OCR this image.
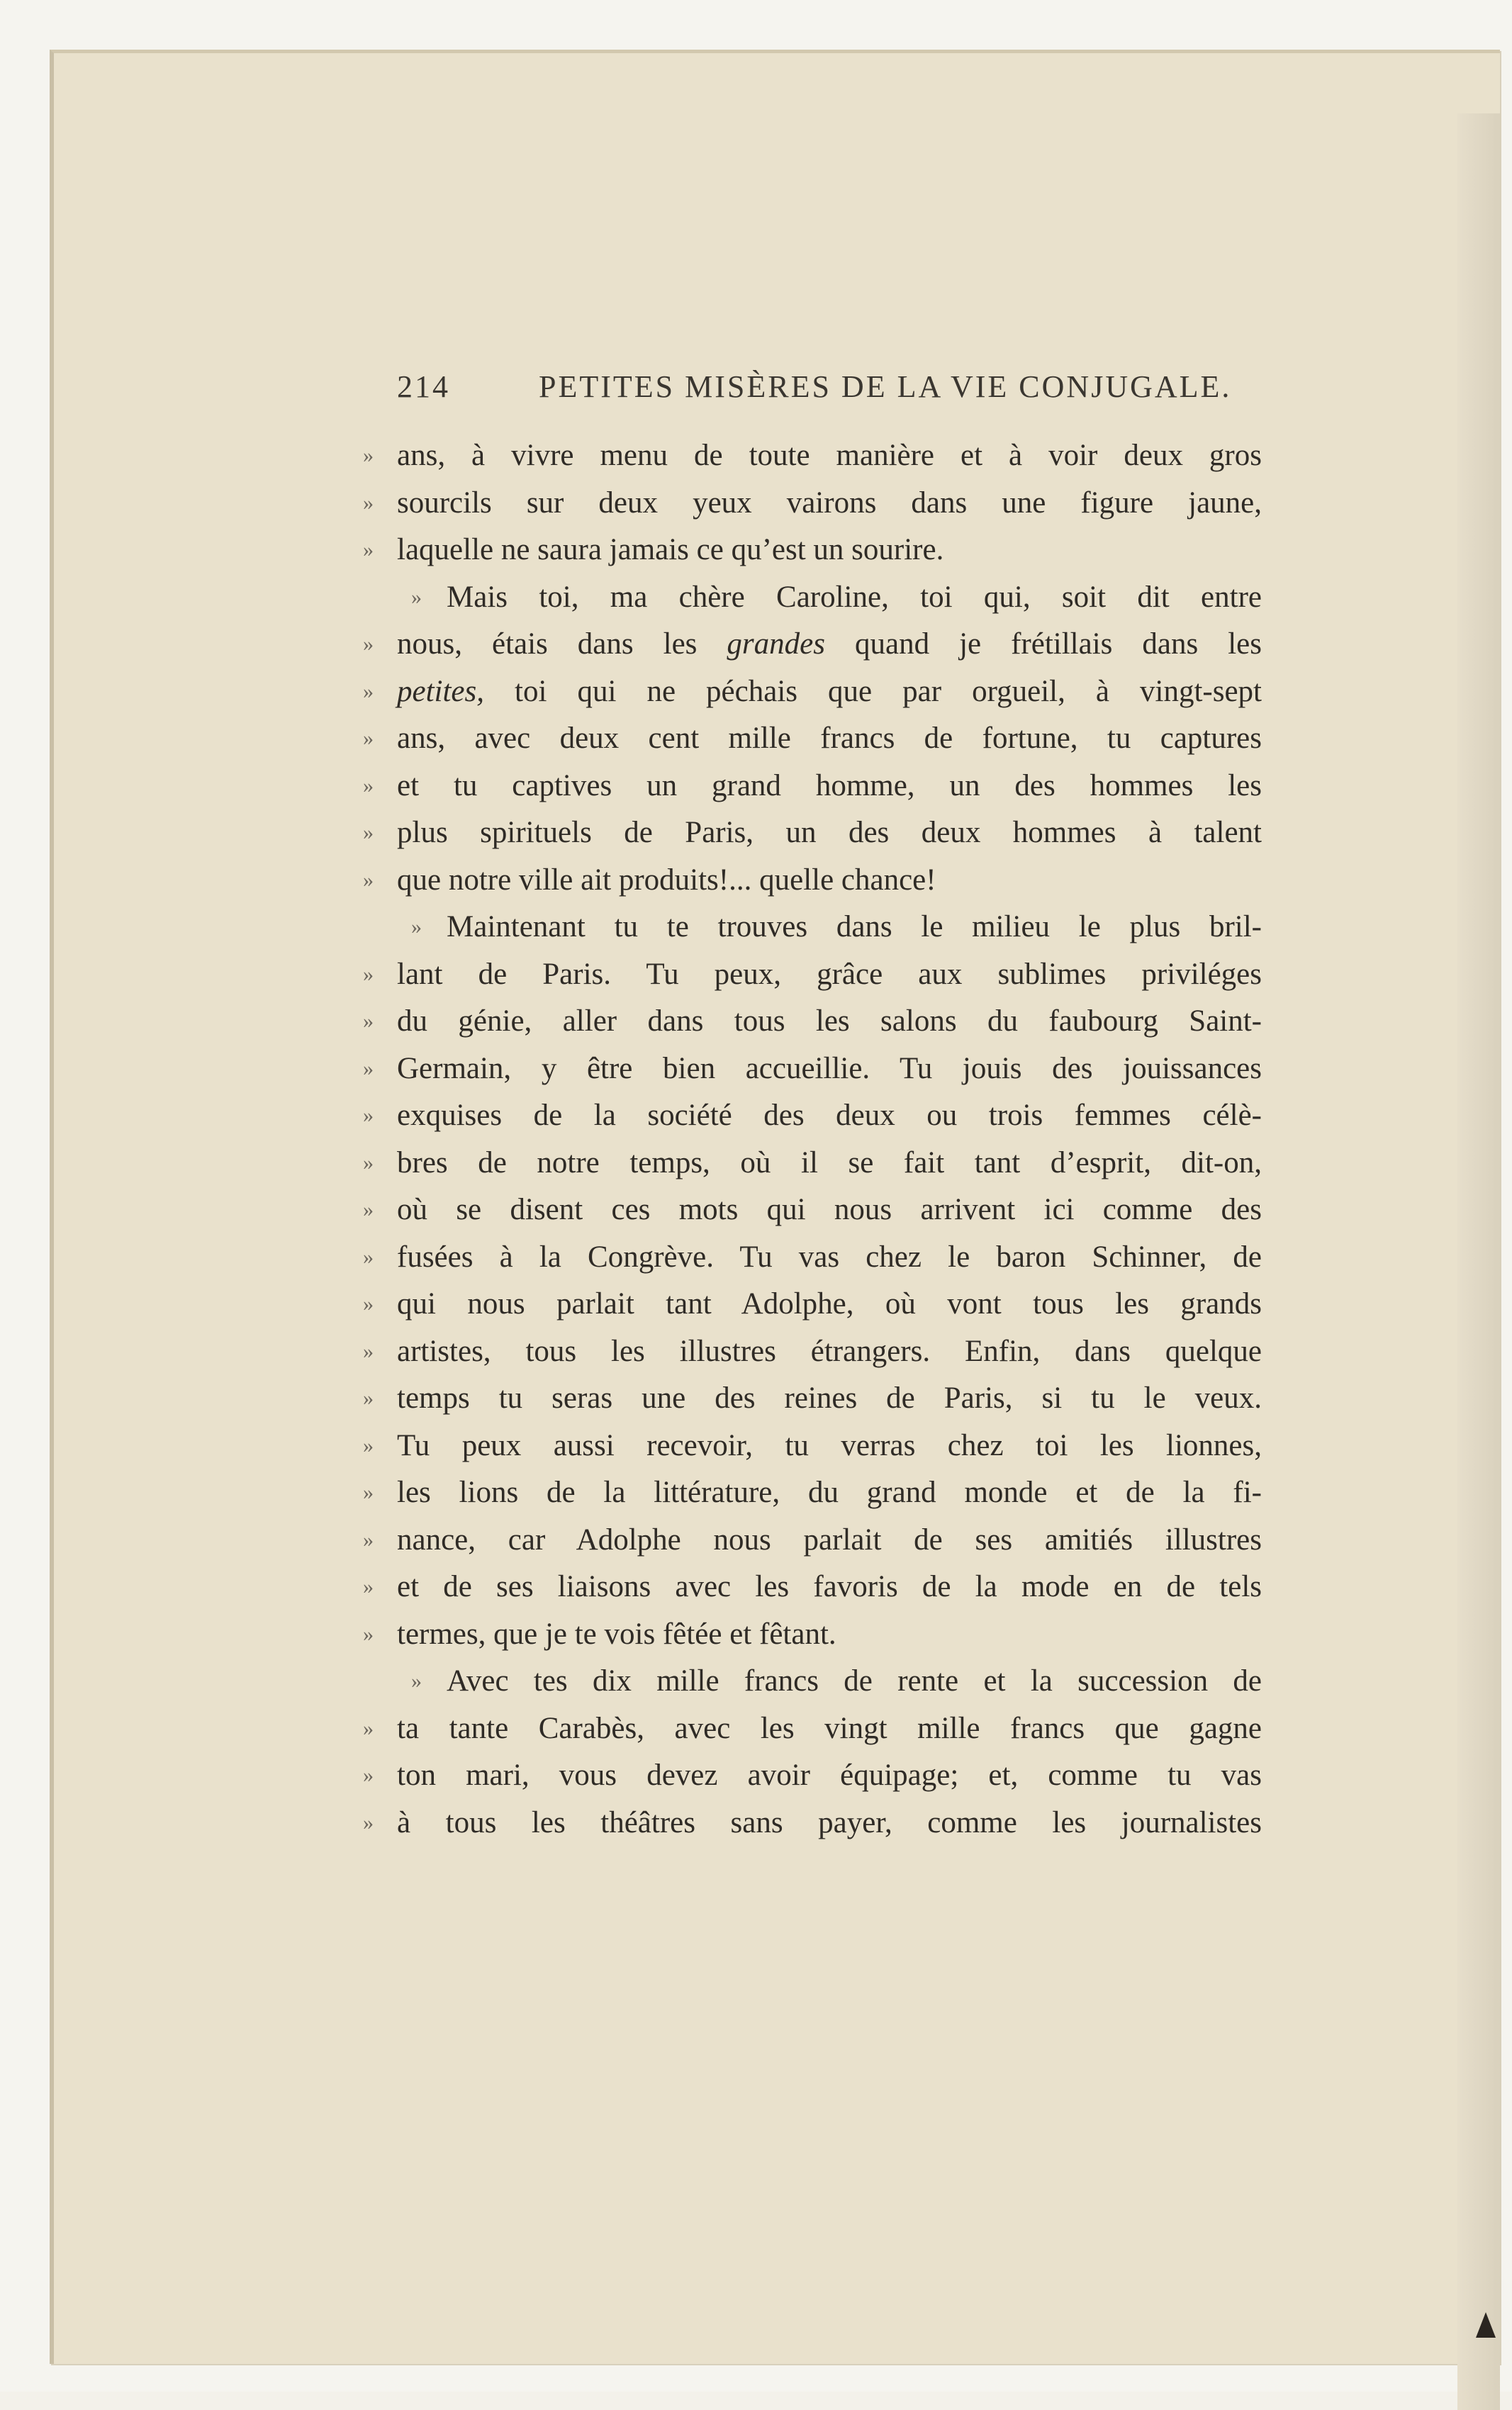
214	PETITES MISÈRES DE LA VIE CONJUGALE.
» ans, à vivre menu de toute manière et à voir deux gros
» sourcils sur deux yeux vairons dans une figure jaune,
» laquelle ne saura jamais ce qu’est un sourire.
» Mais toi, ma chère Caroline, toi qui, soit dit entre
» nous, étais dans les grandes quand je frétillais dans les
» petites, toi qui ne péchais que par orgueil, à vingt-sept
» ans, avec deux cent mille francs de fortune, tu captures
» et tu captives un grand homme, un des hommes les
» plus spirituels de Paris, un des deux hommes à talent
» que notre ville ait produits!... quelle chance!
» Maintenant tu te trouves dans le milieu le plus bril-
» lant de Paris. Tu peux, grâce aux sublimes priviléges
» du génie, aller dans tous les salons du faubourg Saint-
» Germain, y être bien accueillie. Tu jouis des jouissances
» exquises de la société des deux ou trois femmes célè-
» bres de notre temps, où il se fait tant d’esprit, dit-on,
» où se disent ces mots qui nous arrivent ici comme des
» fusées à la Congrève. Tu vas chez le baron Schinner, de
» qui nous parlait tant Adolphe, où vont tous les grands
» artistes, tous les illustres étrangers. Enfin, dans quelque
» temps tu seras une des reines de Paris, si tu le veux.
» Tu peux aussi recevoir, tu verras chez toi les lionnes,
» les lions de la littérature, du grand monde et de la fi-
» nance, car Adolphe nous parlait de ses amitiés illustres
» et de ses liaisons avec les favoris de la mode en de tels
» termes, que je te vois fêtée et fêtant.
» Avec tes dix mille francs de rente et la succession de
» ta tante Carabès, avec les vingt mille francs que gagne
» ton mari, vous devez avoir équipage; et, comme tu vas
» à tous les théâtres sans payer, comme les journalistes
